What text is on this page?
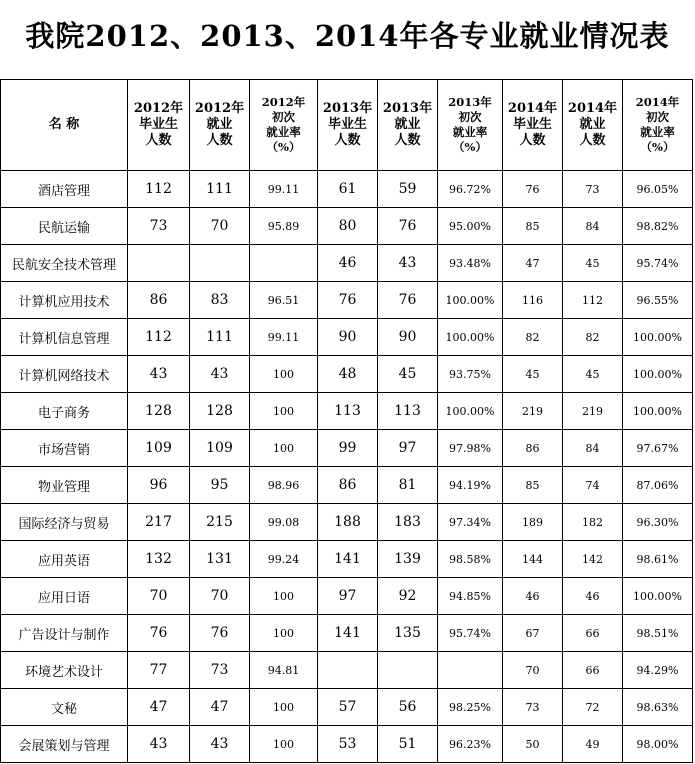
我院2012、2013、2014年各专业就业情况表
名 称	2012年
毕业生
人数	2012年
就业
人数	2012年
初次
就业率
（%）	2013年
毕业生
人数	2013年
就业
人数	2013年
初次
就业率
（%）	2014年
毕业生
人数	2014年
就业
人数	2014年
初次
就业率
（%）

酒店管理	112	111	99.11	61	59	96.72%	76	73	96.05%
民航运输	73	70	95.89	80	76	95.00%	85	84	98.82%
民航安全技术管理				46	43	93.48%	47	45	95.74%
计算机应用技术	86	83	96.51	76	76	100.00%	116	112	96.55%
计算机信息管理	112	111	99.11	90	90	100.00%	82	82	100.00%
计算机网络技术	43	43	100	48	45	93.75%	45	45	100.00%
电子商务	128	128	100	113	113	100.00%	219	219	100.00%
市场营销	109	109	100	99	97	97.98%	86	84	97.67%
物业管理	96	95	98.96	86	81	94.19%	85	74	87.06%
国际经济与贸易	217	215	99.08	188	183	97.34%	189	182	96.30%
应用英语	132	131	99.24	141	139	98.58%	144	142	98.61%
应用日语	70	70	100	97	92	94.85%	46	46	100.00%
广告设计与制作	76	76	100	141	135	95.74%	67	66	98.51%
环境艺术设计	77	73	94.81				70	66	94.29%
文秘	47	47	100	57	56	98.25%	73	72	98.63%
会展策划与管理	43	43	100	53	51	96.23%	50	49	98.00%
